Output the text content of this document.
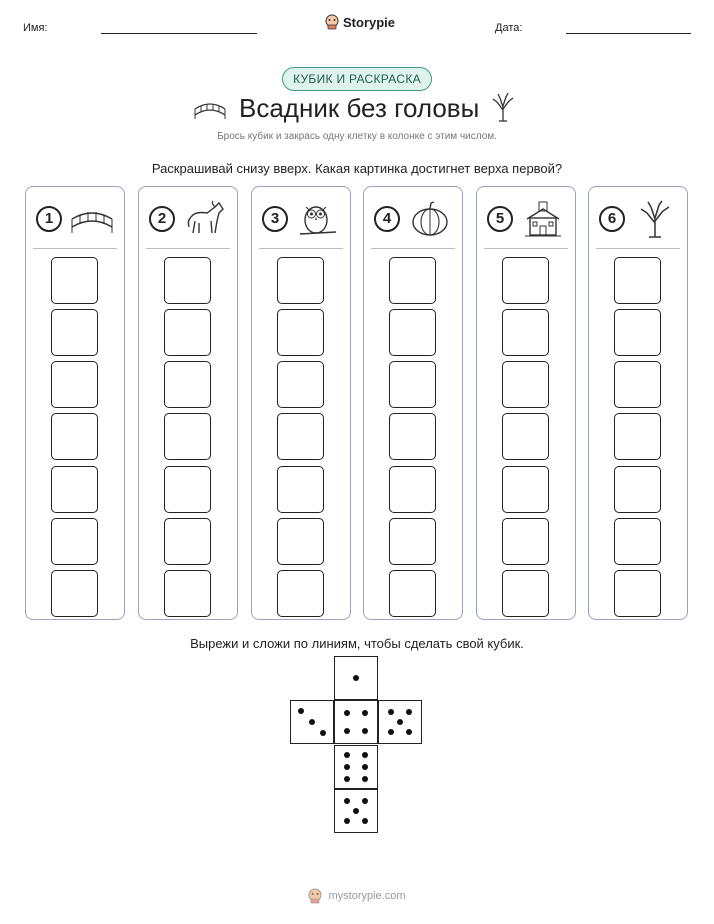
Имя:	Storypie	Дата:
КУБИК И РАСКРАСКА
Всадник без головы
Брось кубик и закрась одну клетку в колонке с этим числом.
Раскрашивай снизу вверх. Какая картинка достигнет верха первой?
1	2	3	4	5	6
Вырежи и сложи по линиям, чтобы сделать свой кубик.
mystorypie.com
